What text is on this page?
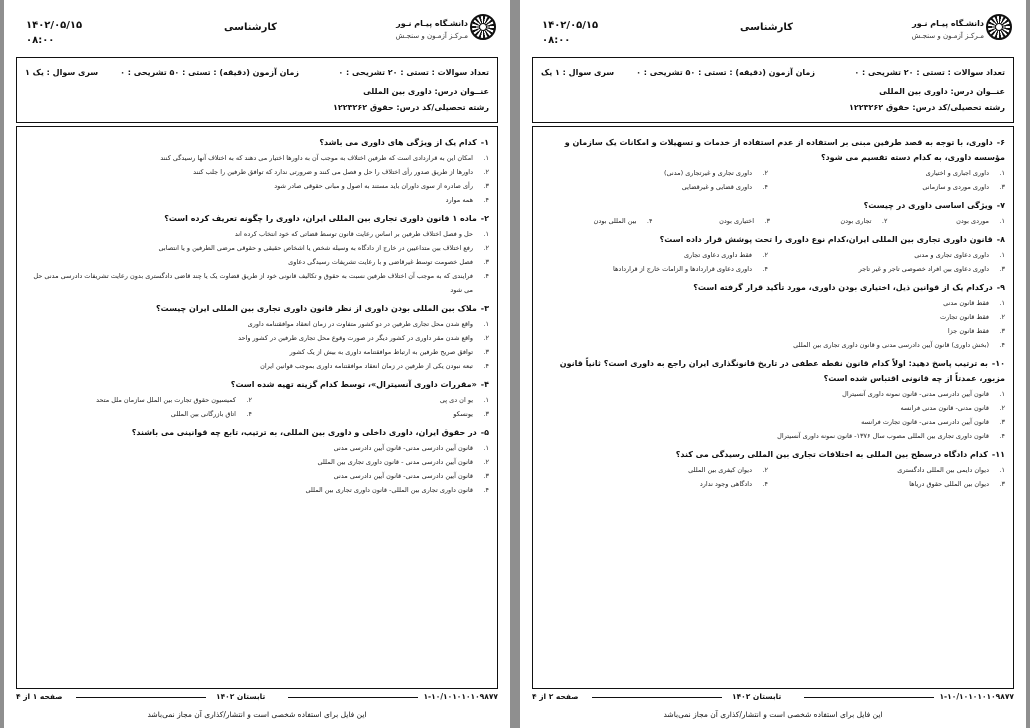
۱۴۰۲/۰۵/۱۵
۰۸:۰۰
کارشناسی	دانشـگاه پیـام نـور
مـرکـز آزمـون و سنجـش
تعداد سوالات : تستی : ۲۰ تشریحی : ۰
زمان آزمون (دقیقه) : تستی : ۵۰ تشریحی : ۰
سری سوال : یک ۱
عنــوان درس: داوری بین المللی
رشته تحصیلی/کد درس: حقوق ۱۲۲۳۲۶۲
۱-کدام یک از ویژگی های داوری می باشد؟
۱.
امکان این به قراردادی است که طرفین اختلاف به موجب آن به داورها اختیار می دهند که به اختلاف آنها رسیدگی کنند
۲.
داورها از طریق صدور رأی اختلاف را حل و فصل می کنند و ضرورتی ندارد که توافق طرفین را جلب کنند
۳.
رأی صادره از سوی داوران باید مستند به اصول و مبانی حقوقی صادر شود
۴.
همه موارد
۲-ماده ۱ قانون داوری تجاری بین المللی ایران، داوری را چگونه تعریف کرده است؟
۱.
حل و فصل اختلاف طرفین بر اساس رعایت قانون توسط قضاتی که خود انتخاب کرده اند
۲.
رفع اختلاف بین متداعیین در خارج از دادگاه به وسیله شخص یا اشخاص حقیقی و حقوقی مرضی الطرفین و یا انتصابی
۳.
فصل خصومت توسط غیرقاضی و با رعایت تشریفات رسیدگی دعاوی
۴.
فرایندی که به موجب آن اختلاف طرفین نسبت به حقوق و تکالیف قانونی خود از طریق قضاوت یک یا چند قاضی دادگستری بدون رعایت تشریفات دادرسی مدنی حل می شود
۳-ملاک بین المللی بودن داوری از نظر قانون داوری تجاری بین المللی ایران چیست؟
۱.
واقع شدن محل تجاری طرفین در دو کشور متفاوت در زمان انعقاد موافقتنامه داوری
۲.
واقع شدن مقر داوری در کشور دیگر در صورت وقوع محل تجاری طرفین در کشور واحد
۳.
توافق صریح طرفین به ارتباط موافقتنامه داوری به بیش از یک کشور
۴.
تبعه نبودن یکی از طرفین در زمان انعقاد موافقتنامه داوری بموجب قوانین ایران
۴-«مقررات داوری آنسیترال»، توسط کدام گزینه تهیه شده است؟
۱.
یو ان دی پی
۲.
کمیسیون حقوق تجارت بین الملل سازمان ملل متحد
۳.
یونسکو
۴.
اتاق بازرگانی بین المللی
۵-در حقوق ایران، داوری داخلی و داوری بین المللی، به ترتیب، تابع چه قوانینی می باشند؟
۱.
قانون آیین دادرسی مدنی- قانون آیین دادرسی مدنی
۲.
قانون آیین دادرسی مدنی - قانون داوری تجاری بین المللی
۳.
قانون آیین دادرسی مدنی- قانون آیین دادرسی مدنی
۴.
قانون داوری تجاری بین المللی- قانون داوری تجاری بین المللی
۱-۱۰/۱۰۱۰۱۰۱۰۹۸۷۷
تابستان ۱۴۰۲
صفحه ۱ از ۴
این فایل برای استفاده شخصی است و انتشار/کذاری آن مجاز نمی‌باشد
۱۴۰۲/۰۵/۱۵
۰۸:۰۰
کارشناسی	دانشـگاه پیـام نـور
مـرکـز آزمـون و سنجـش
تعداد سوالات : تستی : ۲۰ تشریحی : ۰
زمان آزمون (دقیقه) : تستی : ۵۰ تشریحی : ۰
سری سوال : ۱ یک
عنــوان درس: داوری بین المللی
رشته تحصیلی/کد درس: حقوق ۱۲۲۳۲۶۲
۶-داوری، با توجه به قصد طرفین مبنی بر استفاده از عدم استفاده از خدمات و تسهیلات و امکانات یک سازمان و مؤسسه داوری، به کدام دسته تقسیم می شود؟
۱.
داوری اجباری و اختیاری
۲.
داوری تجاری و غیرتجاری (مدنی)
۳.
داوری موردی و سازمانی
۴.
داوری قضایی و غیرقضایی
۷-ویژگی اساسی داوری در چیست؟
۱.
موردی بودن
۲.
تجاری بودن
۳.
اختیاری بودن
۴.
بین المللی بودن
۸-قانون داوری تجاری بین المللی ایران،کدام نوع داوری را تحت پوشش قرار داده است؟
۱.
داوری دعاوی تجاری و مدنی
۲.
فقط داوری دعاوی تجاری
۳.
داوری دعاوی بین افراد خصوصی تاجر و غیر تاجر
۴.
داوری دعاوی قراردادها و الزامات خارج از قراردادها
۹-درکدام یک از قوانین ذیل، اختیاری بودن داوری، مورد تأکید قرار گرفته است؟
۱.
فقط قانون مدنی
۲.
فقط قانون تجارت
۳.
فقط قانون جزا
۴.
(بخش داوری) قانون آیین دادرسی مدنی و قانون داوری تجاری بین المللی
۱۰-به ترتیب پاسخ دهید: اولاً کدام قانون نقطه عطفی در تاریخ قانونگذاری ایران راجع به داوری است؟ ثانیاً قانون مزبور، عمدتاً از چه قانونی اقتباس شده است؟
۱.
قانون آیین دادرسی مدنی- قانون نمونه داوری آنسیترال
۲.
قانون مدنی- قانون مدنی فرانسه
۳.
قانون آیین دادرسی مدنی- قانون تجارت فرانسه
۴.
قانون داوری تجاری بین المللی مصوب سال ۱۳۷۶- قانون نمونه داوری آنسیترال
۱۱-کدام دادگاه درسطح بین المللی به اختلافات تجاری بین المللی رسیدگی می کند؟
۱.
دیوان دایمی بین المللی دادگستری
۲.
دیوان کیفری بین المللی
۳.
دیوان بین المللی حقوق دریاها
۴.
دادگاهی وجود ندارد
۱-۱۰/۱۰۱۰۱۰۱۰۹۸۷۷
تابستان ۱۴۰۲
صفحه ۲ از ۴
این فایل برای استفاده شخصی است و انتشار/کذاری آن مجاز نمی‌باشد
